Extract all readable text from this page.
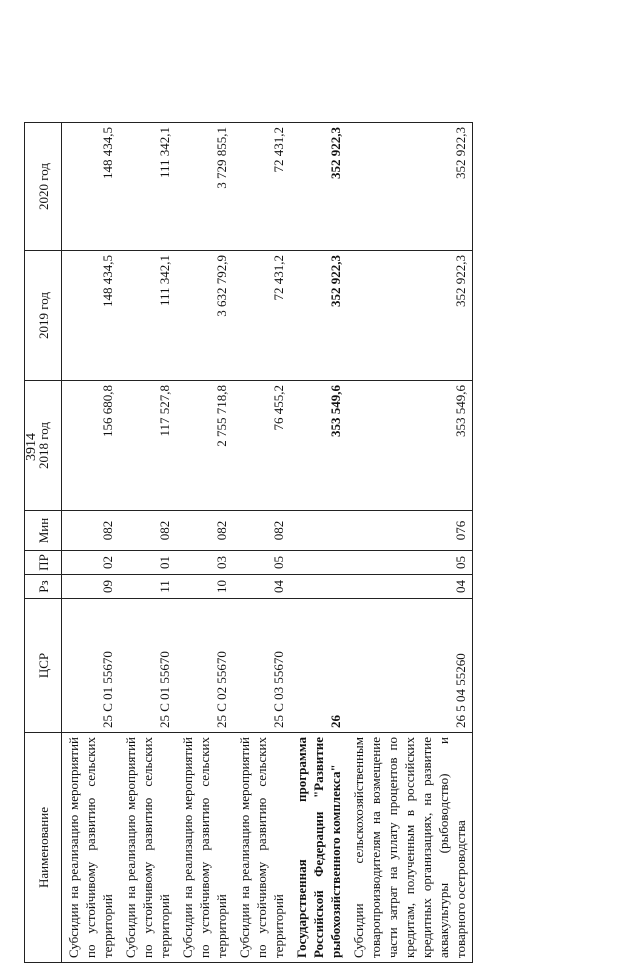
3914
Наименование	ЦСР	Рз	ПР	Мин	2018 год	2019 год	2020 год
Субсидии на реализацию мероприятий по устойчивому развитию сельских территорий	25 С 01 55670	09	02	082	156 680,8	148 434,5	148 434,5
Субсидии на реализацию мероприятий по устойчивому развитию сельских территорий	25 С 01 55670	11	01	082	117 527,8	111 342,1	111 342,1
Субсидии на реализацию мероприятий по устойчивому развитию сельских территорий	25 С 02 55670	10	03	082	2 755 718,8	3 632 792,9	3 729 855,1
Субсидии на реализацию мероприятий по устойчивому развитию сельских территорий	25 С 03 55670	04	05	082	76 455,2	72 431,2	72 431,2
Государственная программа Российской Федерации "Развитие рыбохозяйственного комплекса"	26				353 549,6	352 922,3	352 922,3
Субсидии сельскохозяйственным товаропроизводителям на возмещение части затрат на уплату процентов по кредитам, полученным в российских кредитных организациях, на развитие аквакультуры (рыбоводство) и товарного осетроводства	26 5 04 55260	04	05	076	353 549,6	352 922,3	352 922,3
